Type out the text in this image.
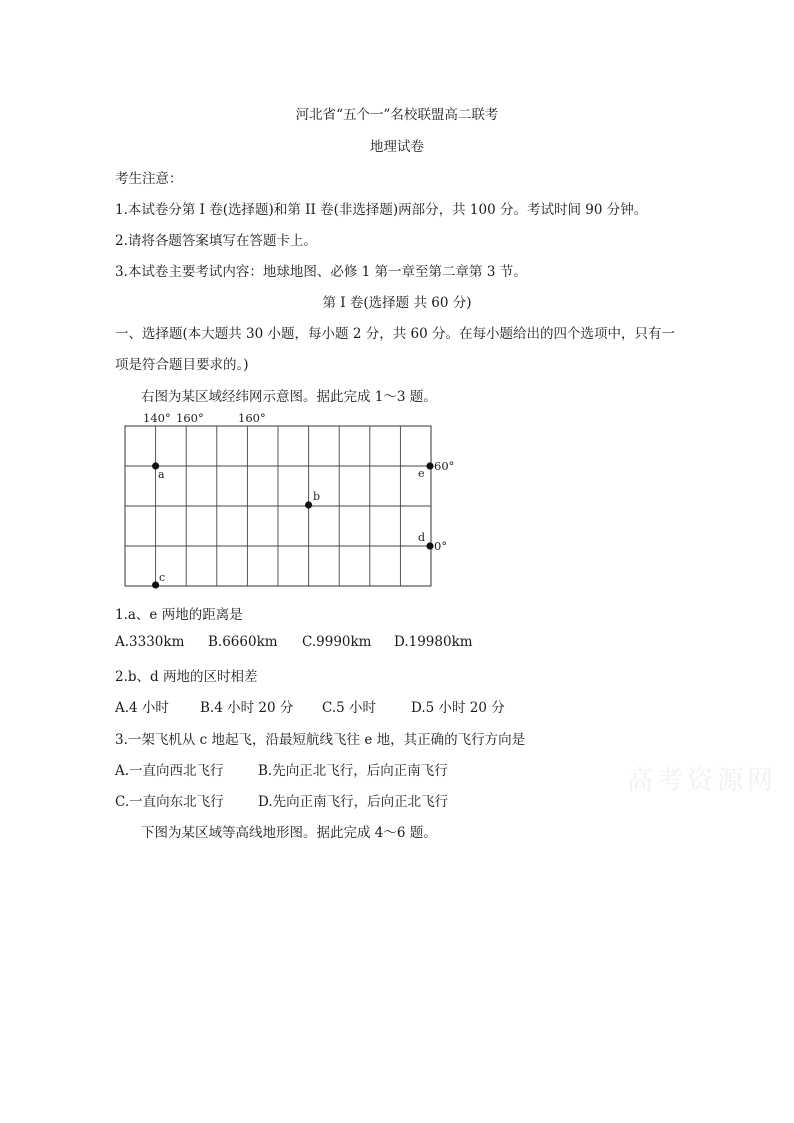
河北省“五个一”名校联盟高二联考
地理试卷
考生注意：
1.本试卷分第 I 卷(选择题)和第 II 卷(非选择题)两部分，共 100 分。考试时间 90 分钟。
2.请将各题答案填写在答题卡上。
3.本试卷主要考试内容：地球地图、必修 1 第一章至第二章第 3 节。
第 I 卷(选择题 共 60 分)
一、选择题(本大题共 30 小题，每小题 2 分，共 60 分。在每小题给出的四个选项中，只有一
项是符合题目要求的。)
右图为某区域经纬网示意图。据此完成 1～3 题。
140° 160°	160°
a
b
c
d
e
60°
0°
1.a、e 两地的距离是
A.3330km B.6660km C.9990km D.19980km
2.b、d 两地的区时相差
A.4 小时 B.4 小时 20 分 C.5 小时	D.5 小时 20 分
3.一架飞机从 c 地起飞，沿最短航线飞往 e 地，其正确的飞行方向是
A.一直向西北飞行	B.先向正北飞行，后向正南飞行
C.一直向东北飞行	D.先向正南飞行，后向正北飞行
下图为某区域等高线地形图。据此完成 4～6 题。
高考资源网
